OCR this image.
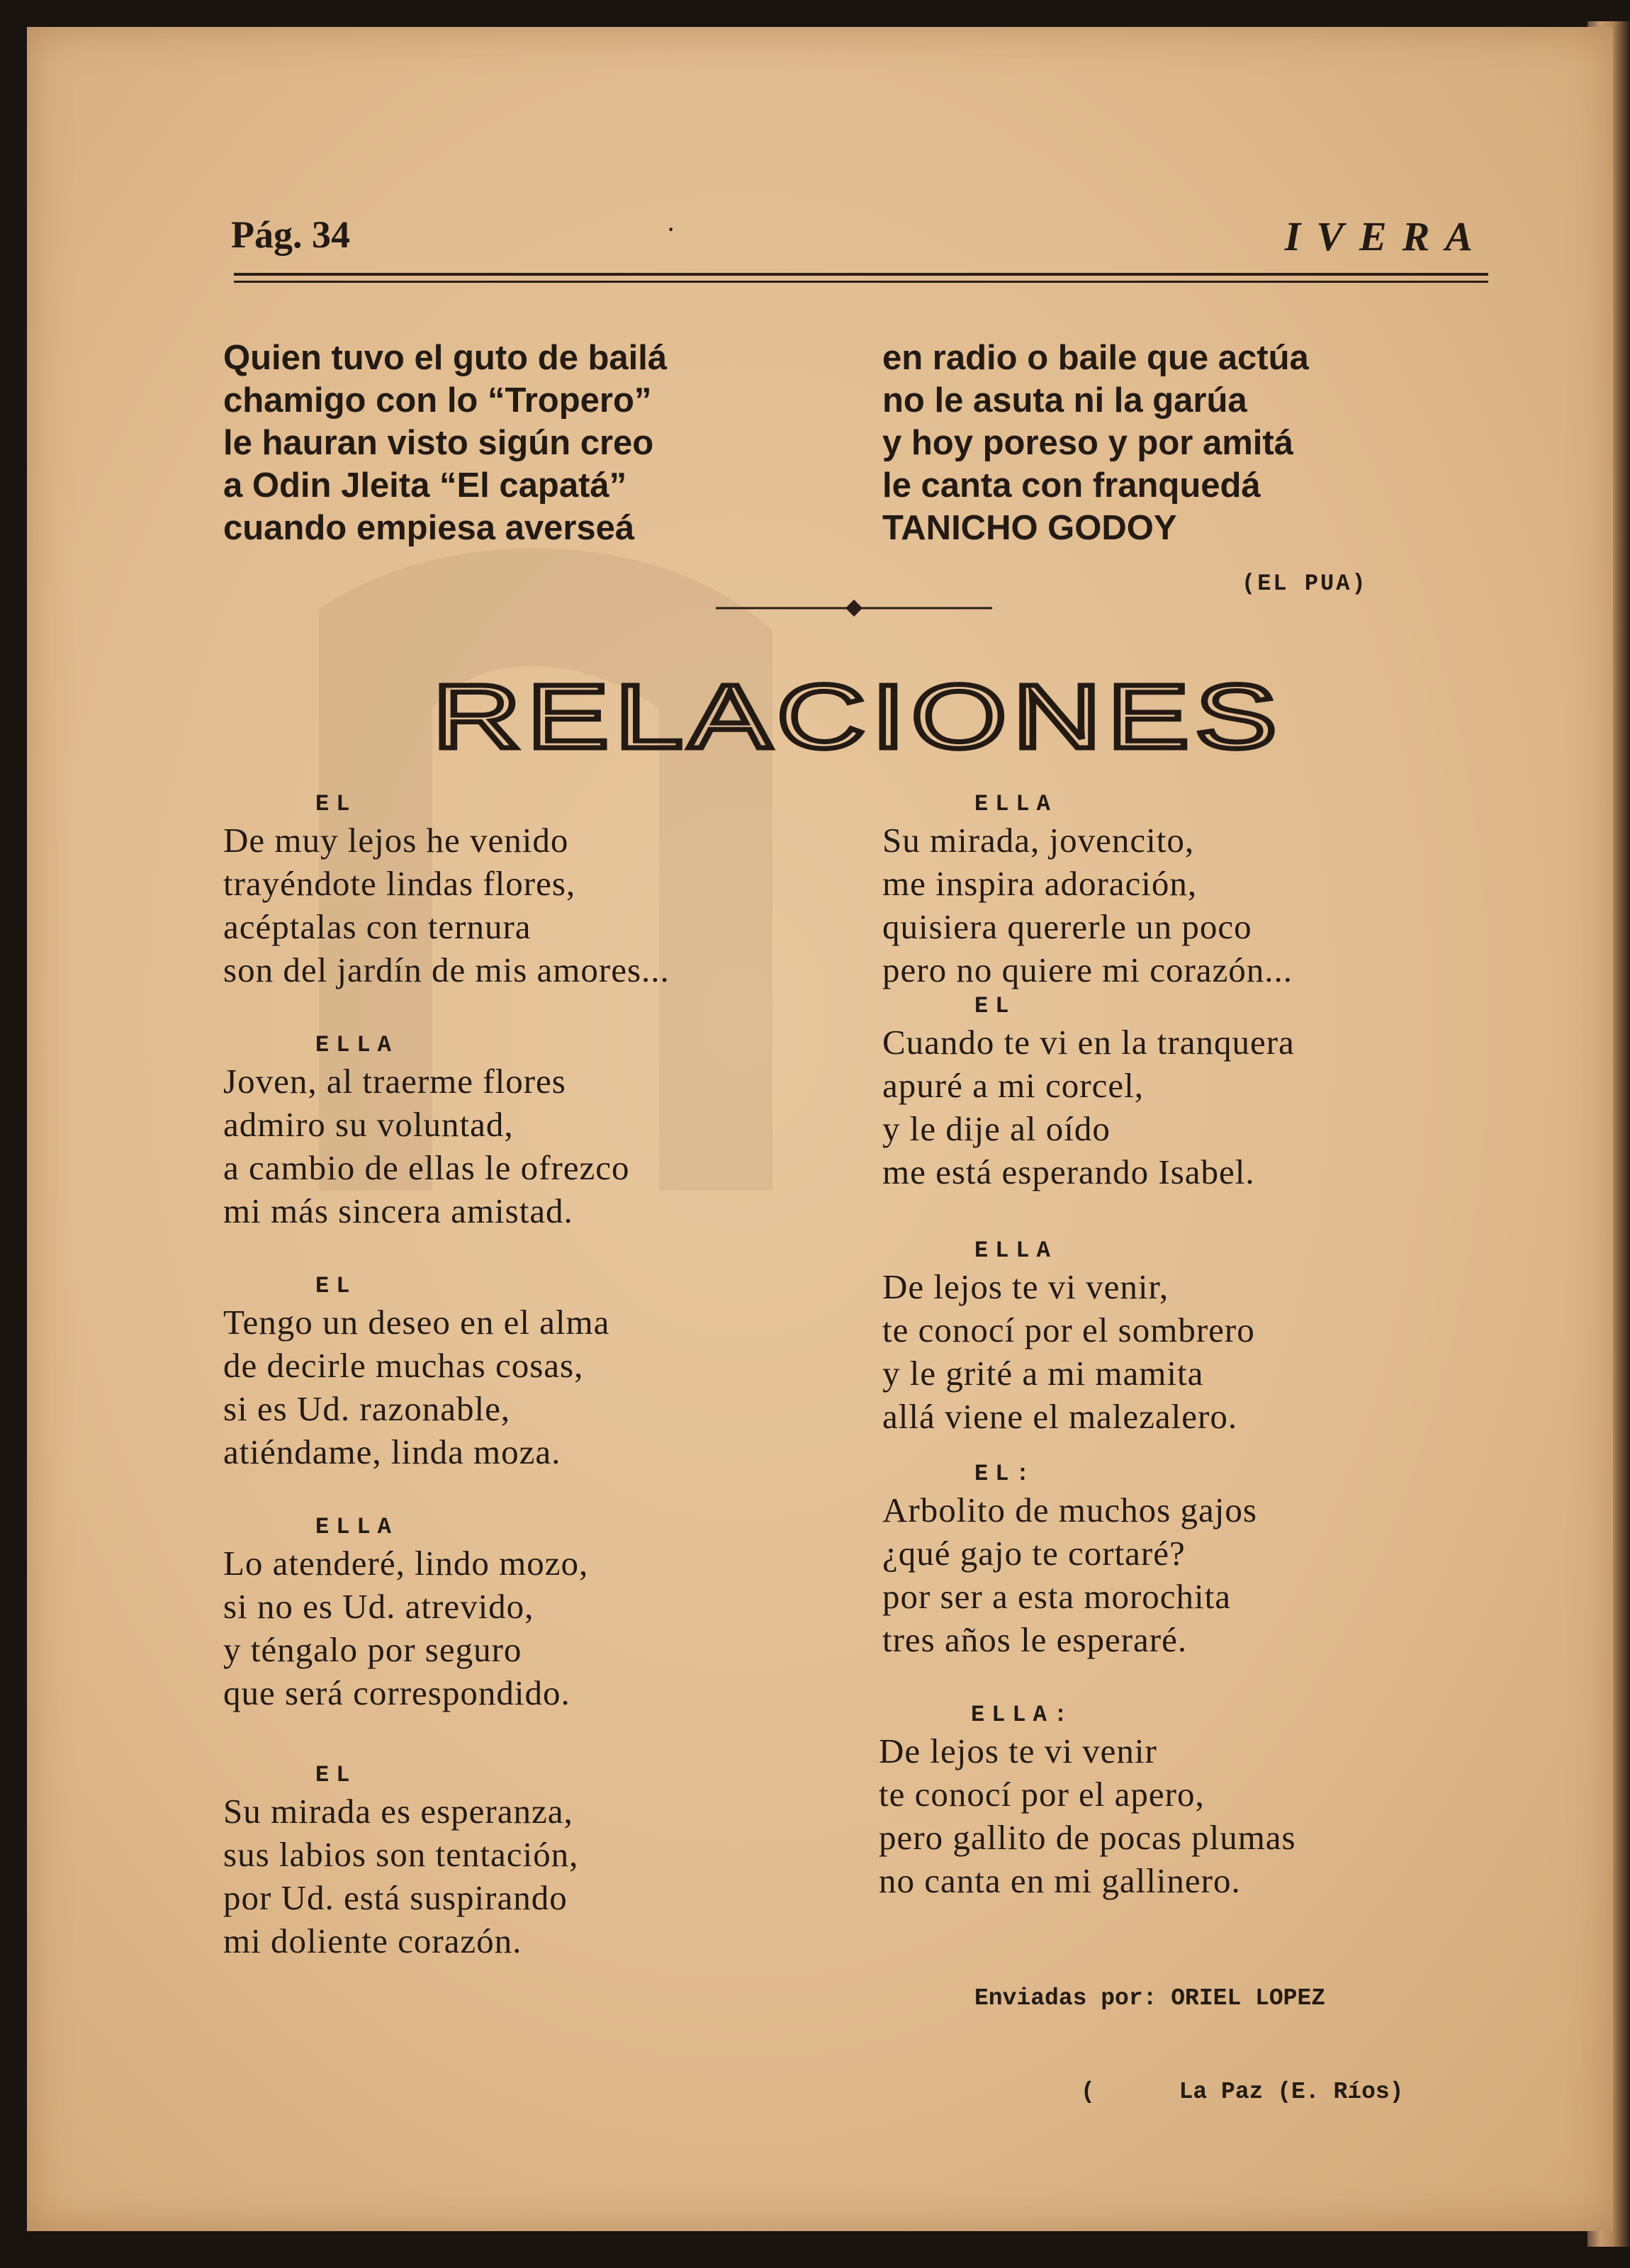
Pág. 34	·	IVERA
Quien tuvo el guto de bailá
chamigo con lo “Tropero”
le hauran visto sigún creo
a Odin Jleita “El capatá”
cuando empiesa aversеá
en radio o baile que actúa
no le asuta ni la garúa
y hoy poreso y por amitá
le canta con franquedá
TANICHO GODOY
(EL PUA)
RELACIONES
EL
De muy lejos he venido
trayéndote lindas flores,
acéptalas con ternura
son del jardín de mis amores...
ELLA
Joven, al traerme flores
admiro su voluntad,
a cambio de ellas le ofrezco
mi más sincera amistad.
EL
Tengo un deseo en el alma
de decirle muchas cosas,
si es Ud. razonable,
atiéndame, linda moza.
ELLA
Lo atenderé, lindo mozo,
si no es Ud. atrevido,
y téngalo por seguro
que será correspondido.
EL
Su mirada es esperanza,
sus labios son tentación,
por Ud. está suspirando
mi doliente corazón.
ELLA
Su mirada, jovencito,
me inspira adoración,
quisiera quererle un poco
pero no quiere mi corazón...
EL
Cuando te vi en la tranquera
apuré a mi corcel,
y le dije al oído
me está esperando Isabel.
ELLA
De lejos te vi venir,
te conocí por el sombrero
y le grité a mi mamita
allá viene el malezalero.
EL:
Arbolito de muchos gajos
¿qué gajo te cortaré?
por ser a esta morochita
tres años le esperaré.
ELLA:
De lejos te vi venir
te conocí por el apero,
pero gallito de pocas plumas
no canta en mi gallinero.

Enviadas por: ORIEL LOPEZ

(      La Paz (E. Ríos)
